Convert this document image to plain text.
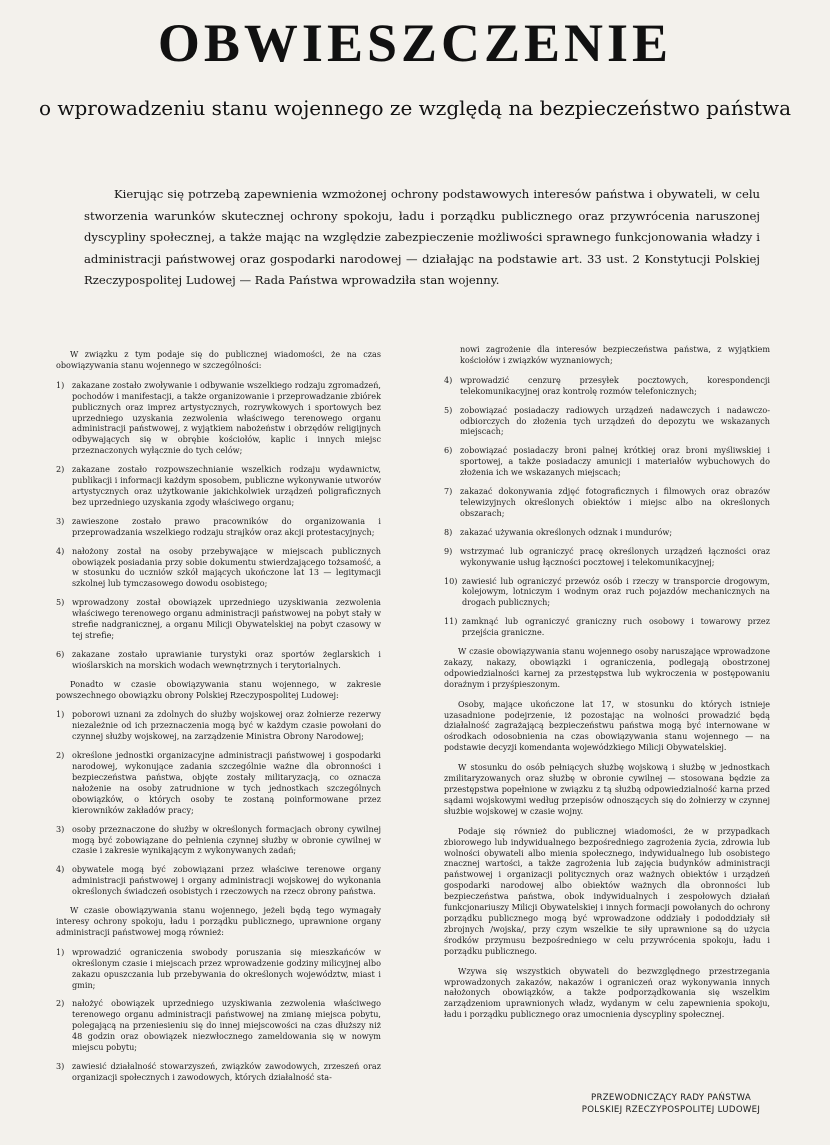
OBWIESZCZENIE
o wprowadzeniu stanu wojennego ze względą na bezpieczeństwo państwa
Kierując się potrzebą zapewnienia wzmożonej ochrony podstawowych interesów państwa i obywateli, w celu stworzenia warunków skutecznej ochrony spokoju, ładu i porządku publicznego oraz przywrócenia naruszonej dyscypliny społecznej, a także mając na względzie zabezpieczenie możliwości sprawnego funkcjonowania władzy i administracji państwowej oraz gospodarki narodowej — działając na podstawie art. 33 ust. 2 Konstytucji Polskiej Rzeczypospolitej Ludowej — Rada Państwa wprowadziła stan wojenny.

W związku z tym podaje się do publicznej wiadomości, że na czas obowiązywania stanu wojennego w szczególności:

1) zakazane zostało zwoływanie i odbywanie wszelkiego rodzaju zgromadzeń, pochodów i manifestacji, a także organizowanie i przeprowadzanie zbiórek publicznych oraz imprez artystycznych, rozrywkowych i sportowych bez uprzedniego uzyskania zezwolenia właściwego terenowego organu administracji państwowej, z wyjątkiem nabożeństw i obrzędów religijnych odbywających się w obrębie kościołów, kaplic i innych miejsc przeznaczonych wyłącznie do tych celów;
2) zakazane zostało rozpowszechnianie wszelkich rodzaju wydawnictw, publikacji i informacji każdym sposobem, publiczne wykonywanie utworów artystycznych oraz użytkowanie jakichkolwiek urządzeń poligraficznych bez uprzedniego uzyskania zgody właściwego organu;
3) zawieszone zostało prawo pracowników do organizowania i przeprowadzania wszelkiego rodzaju strajków oraz akcji protestacyjnych;
4) nałożony został na osoby przebywające w miejscach publicznych obowiązek posiadania przy sobie dokumentu stwierdzającego tożsamość, a w stosunku do uczniów szkół mających ukończone lat 13 — legitymacji szkolnej lub tymczasowego dowodu osobistego;
5) wprowadzony został obowiązek uprzedniego uzyskiwania zezwolenia właściwego terenowego organu administracji państwowej na pobyt stały w strefie nadgranicznej, a organu Milicji Obywatelskiej na pobyt czasowy w tej strefie;
6) zakazane zostało uprawianie turystyki oraz sportów żeglarskich i wioślarskich na morskich wodach wewnętrznych i terytorialnych.

Ponadto w czasie obowiązywania stanu wojennego, w zakresie powszechnego obowiązku obrony Polskiej Rzeczypospolitej Ludowej:

1) poborowi uznani za zdolnych do służby wojskowej oraz żołnierze rezerwy niezależnie od ich przeznaczenia mogą być w każdym czasie powołani do czynnej służby wojskowej, na zarządzenie Ministra Obrony Narodowej;
2) określone jednostki organizacyjne administracji państwowej i gospodarki narodowej, wykonujące zadania szczególnie ważne dla obronności i bezpieczeństwa państwa, objęte zostały militaryzacją, co oznacza nałożenie na osoby zatrudnione w tych jednostkach szczególnych obowiązków, o których osoby te zostaną poinformowane przez kierowników zakładów pracy;
3) osoby przeznaczone do służby w określonych formacjach obrony cywilnej mogą być zobowiązane do pełnienia czynnej służby w obronie cywilnej w czasie i zakresie wynikającym z wykonywanych zadań;
4) obywatele mogą być zobowiązani przez właściwe terenowe organy administracji państwowej i organy administracji wojskowej do wykonania określonych świadczeń osobistych i rzeczowych na rzecz obrony państwa.

W czasie obowiązywania stanu wojennego, jeżeli będą tego wymagały interesy ochrony spokoju, ładu i porządku publicznego, uprawnione organy administracji państwowej mogą również:

1) wprowadzić ograniczenia swobody poruszania się mieszkańców w określonym czasie i miejscach przez wprowadzenie godziny milicyjnej albo zakazu opuszczania lub przebywania do określonych województw, miast i gmin;
2) nałożyć obowiązek uprzedniego uzyskiwania zezwolenia właściwego terenowego organu administracji państwowej na zmianę miejsca pobytu, polegającą na przeniesieniu się do innej miejscowości na czas dłuższy niż 48 godzin oraz obowiązek niezwłocznego zameldowania się w nowym miejscu pobytu;
3) zawiesić działalność stowarzyszeń, związków zawodowych, zrzeszeń oraz organizacji społecznych i zawodowych, których działalność sta-

nowi zagrożenie dla interesów bezpieczeństwa państwa, z wyjątkiem kościołów i związków wyznaniowych;

4) wprowadzić cenzurę przesyłek pocztowych, korespondencji telekomunikacyjnej oraz kontrolę rozmów telefonicznych;
5) zobowiązać posiadaczy radiowych urządzeń nadawczych i nadawczo-odbiorczych do złożenia tych urządzeń do depozytu we wskazanych miejscach;
6) zobowiązać posiadaczy broni palnej krótkiej oraz broni myśliwskiej i sportowej, a także posiadaczy amunicji i materiałów wybuchowych do złożenia ich we wskazanych miejscach;
7) zakazać dokonywania zdjęć fotograficznych i filmowych oraz obrazów telewizyjnych określonych obiektów i miejsc albo na określonych obszarach;
8) zakazać używania określonych odznak i mundurów;
9) wstrzymać lub ograniczyć pracę określonych urządzeń łączności oraz wykonywanie usług łączności pocztowej i telekomunikacyjnej;
10) zawiesić lub ograniczyć przewóz osób i rzeczy w transporcie drogowym, kolejowym, lotniczym i wodnym oraz ruch pojazdów mechanicznych na drogach publicznych;
11) zamknąć lub ograniczyć graniczny ruch osobowy i towarowy przez przejścia graniczne.

W czasie obowiązywania stanu wojennego osoby naruszające wprowadzone zakazy, nakazy, obowiązki i ograniczenia, podlegają obostrzonej odpowiedzialności karnej za przestępstwa lub wykroczenia w postępowaniu doraźnym i przyśpieszonym.

Osoby, mające ukończone lat 17, w stosunku do których istnieje uzasadnione podejrzenie, iż pozostając na wolności prowadzić będą działalność zagrażającą bezpieczeństwu państwa mogą być internowane w ośrodkach odosobnienia na czas obowiązywania stanu wojennego — na podstawie decyzji komendanta wojewódzkiego Milicji Obywatelskiej.

W stosunku do osób pełniących służbę wojskową i służbę w jednostkach zmilitaryzowanych oraz służbę w obronie cywilnej — stosowana będzie za przestępstwa popełnione w związku z tą służbą odpowiedzialność karna przed sądami wojskowymi według przepisów odnoszących się do żołnierzy w czynnej służbie wojskowej w czasie wojny.

Podaje się również do publicznej wiadomości, że w przypadkach zbiorowego lub indywidualnego bezpośredniego zagrożenia życia, zdrowia lub wolności obywateli albo mienia społecznego, indywidualnego lub osobistego znacznej wartości, a także zagrożenia lub zajęcia budynków administracji państwowej i organizacji politycznych oraz ważnych obiektów i urządzeń gospodarki narodowej albo obiektów ważnych dla obronności lub bezpieczeństwa państwa, obok indywidualnych i zespołowych działań funkcjonariuszy Milicji Obywatelskiej i innych formacji powołanych do ochrony porządku publicznego mogą być wprowadzone oddziały i pododdziały sił zbrojnych /wojska/, przy czym wszelkie te siły uprawnione są do użycia środków przymusu bezpośredniego w celu przywrócenia spokoju, ładu i porządku publicznego.

Wzywa się wszystkich obywateli do bezwzględnego przestrzegania wprowadzonych zakazów, nakazów i ograniczeń oraz wykonywania innych nałożonych obowiązków, a także podporządkowania się wszelkim zarządzeniom uprawnionych władz, wydanym w celu zapewnienia spokoju, ładu i porządku publicznego oraz umocnienia dyscypliny społecznej.

PRZEWODNICZĄCY RADY PAŃSTWA
POLSKIEJ RZECZYPOSPOLITEJ LUDOWEJ
